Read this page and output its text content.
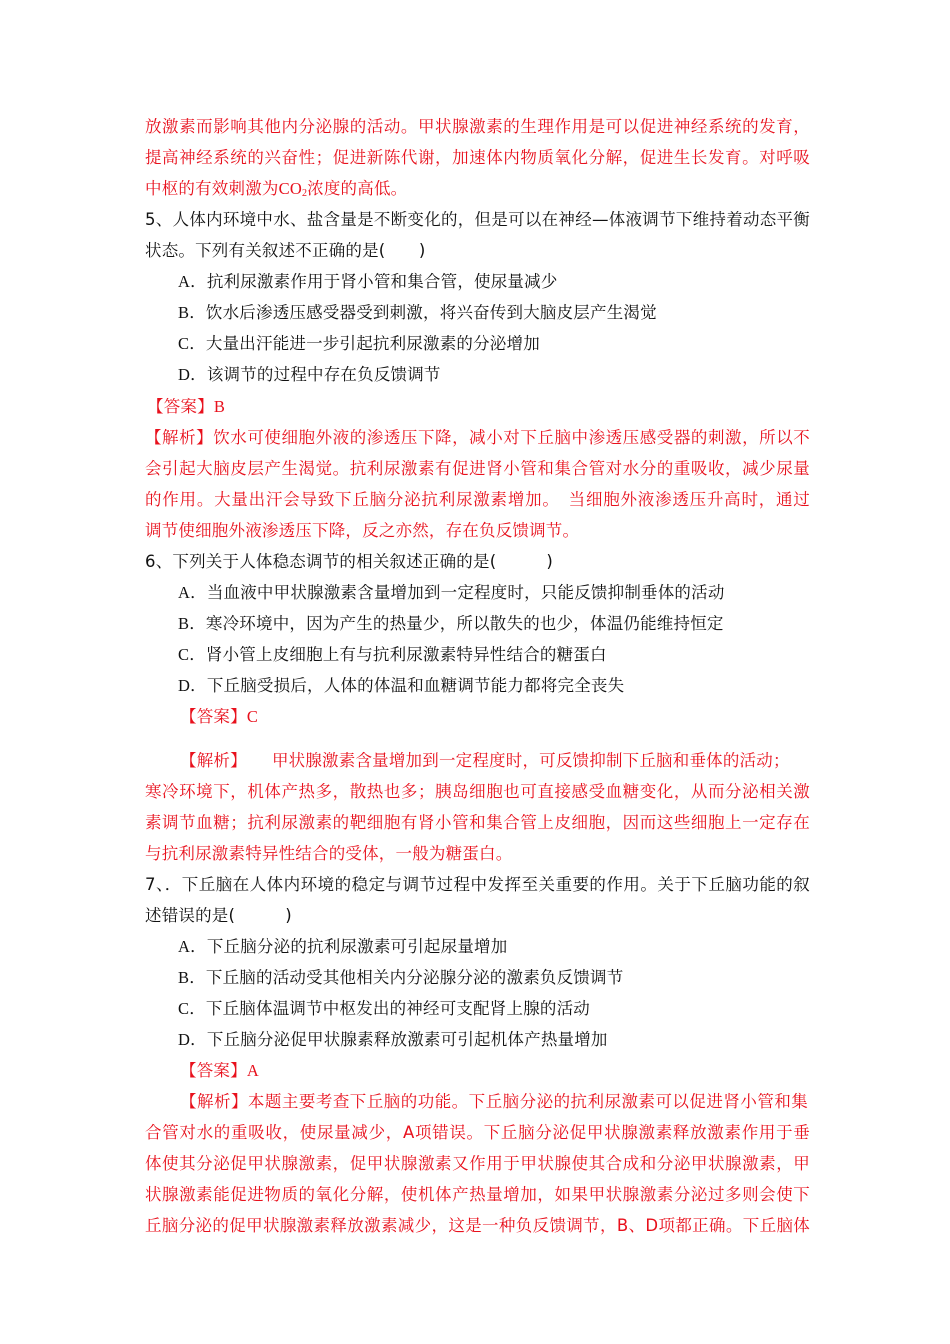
放激素而影响其他内分泌腺的活动。甲状腺激素的生理作用是可以促进神经系统的发育，
提高神经系统的兴奋性；促进新陈代谢，加速体内物质氧化分解，促进生长发育。对呼吸
中枢的有效刺激为$CO_2$浓度的高低。
5、人体内环境中水、盐含量是不断变化的，但是可以在神经—体液调节下维持着动态平衡
状态。下列有关叙述不正确的是(　　)
A．抗利尿激素作用于肾小管和集合管，使尿量减少
B．饮水后渗透压感受器受到刺激，将兴奋传到大脑皮层产生渴觉
C．大量出汗能进一步引起抗利尿激素的分泌增加
D．该调节的过程中存在负反馈调节
【答案】B
【解析】饮水可使细胞外液的渗透压下降，减小对下丘脑中渗透压感受器的刺激，所以不
会引起大脑皮层产生渴觉。抗利尿激素有促进肾小管和集合管对水分的重吸收，减少尿量
的作用。大量出汗会导致下丘脑分泌抗利尿激素增加。　当细胞外液渗透压升高时，通过
调节使细胞外液渗透压下降，反之亦然，存在负反馈调节。
6、下列关于人体稳态调节的相关叙述正确的是(　　　)
A．当血液中甲状腺激素含量增加到一定程度时，只能反馈抑制垂体的活动
B．寒冷环境中，因为产生的热量少，所以散失的也少，体温仍能维持恒定
C．肾小管上皮细胞上有与抗利尿激素特异性结合的糖蛋白
D．下丘脑受损后，人体的体温和血糖调节能力都将完全丧失
【答案】C
【解析】　　甲状腺激素含量增加到一定程度时，可反馈抑制下丘脑和垂体的活动；
寒冷环境下，机体产热多，散热也多；胰岛细胞也可直接感受血糖变化，从而分泌相关激
素调节血糖；抗利尿激素的靶细胞有肾小管和集合管上皮细胞，因而这些细胞上一定存在
与抗利尿激素特异性结合的受体，一般为糖蛋白。
7、．下丘脑在人体内环境的稳定与调节过程中发挥至关重要的作用。关于下丘脑功能的叙
述错误的是(　　　)
A．下丘脑分泌的抗利尿激素可引起尿量增加
B．下丘脑的活动受其他相关内分泌腺分泌的激素负反馈调节
C．下丘脑体温调节中枢发出的神经可支配肾上腺的活动
D．下丘脑分泌促甲状腺素释放激素可引起机体产热量增加
【答案】A
【解析】本题主要考查下丘脑的功能。下丘脑分泌的抗利尿激素可以促进肾小管和集
合管对水的重吸收，使尿量减少，A项错误。下丘脑分泌促甲状腺激素释放激素作用于垂
体使其分泌促甲状腺激素，促甲状腺激素又作用于甲状腺使其合成和分泌甲状腺激素，甲
状腺激素能促进物质的氧化分解，使机体产热量增加，如果甲状腺激素分泌过多则会使下
丘脑分泌的促甲状腺激素释放激素减少，这是一种负反馈调节，B、D项都正确。下丘脑体
